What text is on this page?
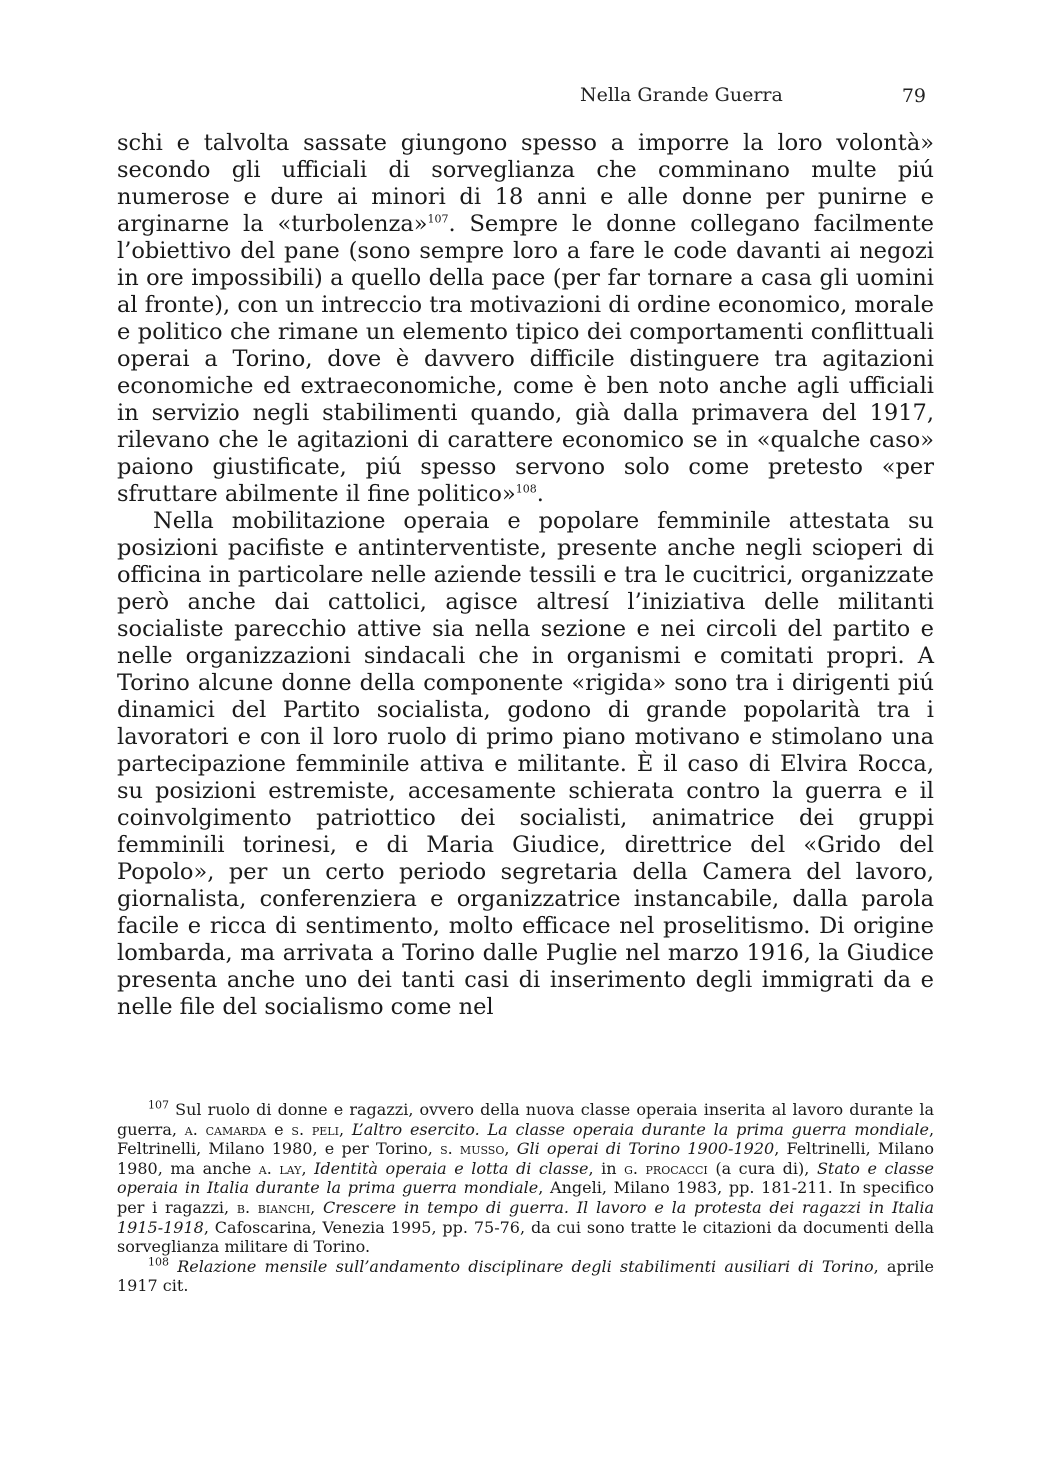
Nella Grande Guerra	79

schi e talvolta sassate giungono spesso a imporre la loro volontà» secondo gli ufficiali di sorveglianza che comminano multe piú numerose e dure ai minori di 18 anni e alle donne per punirne e arginarne la «turbolenza»$^{107}$. Sempre le donne collegano facilmente l’obiettivo del pane (sono sempre loro a fare le code davanti ai negozi in ore impossibili) a quello della pace (per far tornare a casa gli uomini al fronte), con un intreccio tra motivazioni di ordine economico, morale e politico che rimane un elemento tipico dei comportamenti conflittuali operai a Torino, dove è davvero difficile distinguere tra agitazioni economiche ed extraeconomiche, come è ben noto anche agli ufficiali in servizio negli stabilimenti quando, già dalla primavera del 1917, rilevano che le agitazioni di carattere economico se in «qualche caso» paiono giustificate, piú spesso servono solo come pretesto «per sfruttare abilmente il fine politico»$^{108}$.

Nella mobilitazione operaia e popolare femminile attestata su posizioni pacifiste e antinterventiste, presente anche negli scioperi di officina in particolare nelle aziende tessili e tra le cucitrici, organizzate però anche dai cattolici, agisce altresí l’iniziativa delle militanti socialiste parecchio attive sia nella sezione e nei circoli del partito e nelle organizzazioni sindacali che in organismi e comitati propri. A Torino alcune donne della componente «rigida» sono tra i dirigenti piú dinamici del Partito socialista, godono di grande popolarità tra i lavoratori e con il loro ruolo di primo piano motivano e stimolano una partecipazione femminile attiva e militante. È il caso di Elvira Rocca, su posizioni estremiste, accesamente schierata contro la guerra e il coinvolgimento patriottico dei socialisti, animatrice dei gruppi femminili torinesi, e di Maria Giudice, direttrice del «Grido del Popolo», per un certo periodo segretaria della Camera del lavoro, giornalista, conferenziera e organizzatrice instancabile, dalla parola facile e ricca di sentimento, molto efficace nel proselitismo. Di origine lombarda, ma arrivata a Torino dalle Puglie nel marzo 1916, la Giudice presenta anche uno dei tanti casi di inserimento degli immigrati da e nelle file del socialismo come nel

$^{107}$ Sul ruolo di donne e ragazzi, ovvero della nuova classe operaia inserita al lavoro durante la guerra, a. camarda e s. peli, L’altro esercito. La classe operaia durante la prima guerra mondiale, Feltrinelli, Milano 1980, e per Torino, s. musso, Gli operai di Torino 1900-1920, Feltrinelli, Milano 1980, ma anche a. lay, Identità operaia e lotta di classe, in g. procacci (a cura di), Stato e classe operaia in Italia durante la prima guerra mondiale, Angeli, Milano 1983, pp. 181-211. In specifico per i ragazzi, b. bianchi, Crescere in tempo di guerra. Il lavoro e la protesta dei ragazzi in Italia 1915-1918, Cafoscarina, Venezia 1995, pp. 75-76, da cui sono tratte le citazioni da documenti della sorveglianza militare di Torino.

$^{108}$ Relazione mensile sull’andamento disciplinare degli stabilimenti ausiliari di Torino, aprile 1917 cit.
